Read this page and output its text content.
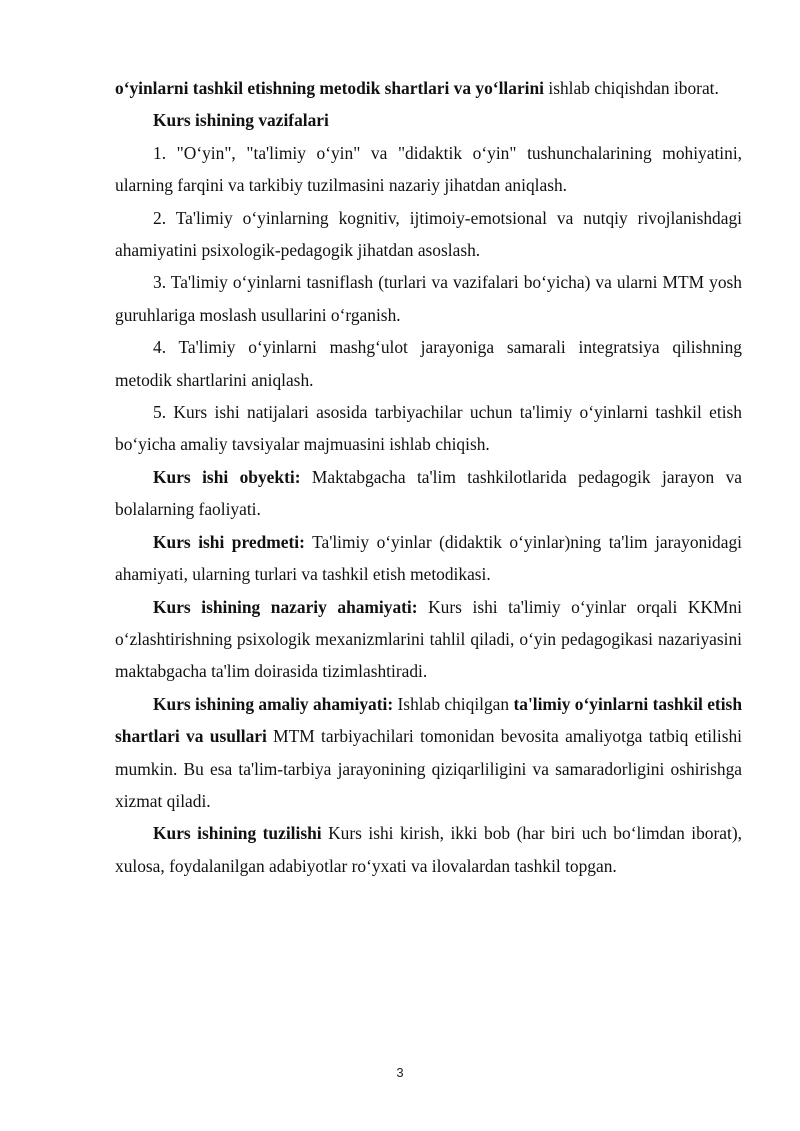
o‘yinlarni tashkil etishning metodik shartlari va yo‘llarini ishlab chiqishdan iborat.

Kurs ishining vazifalari

1. "O‘yin", "ta'limiy o‘yin" va "didaktik o‘yin" tushunchalarining mohiyatini, ularning farqini va tarkibiy tuzilmasini nazariy jihatdan aniqlash.

2. Ta'limiy o‘yinlarning kognitiv, ijtimoiy-emotsional va nutqiy rivojlanishdagi ahamiyatini psixologik-pedagogik jihatdan asoslash.

3. Ta'limiy o‘yinlarni tasniflash (turlari va vazifalari bo‘yicha) va ularni MTM yosh guruhlariga moslash usullarini o‘rganish.

4. Ta'limiy o‘yinlarni mashg‘ulot jarayoniga samarali integratsiya qilishning metodik shartlarini aniqlash.

5. Kurs ishi natijalari asosida tarbiyachilar uchun ta'limiy o‘yinlarni tashkil etish bo‘yicha amaliy tavsiyalar majmuasini ishlab chiqish.

Kurs ishi obyekti: Maktabgacha ta'lim tashkilotlarida pedagogik jarayon va bolalarning faoliyati.

Kurs ishi predmeti: Ta'limiy o‘yinlar (didaktik o‘yinlar)ning ta'lim jarayonidagi ahamiyati, ularning turlari va tashkil etish metodikasi.

Kurs ishining nazariy ahamiyati: Kurs ishi ta'limiy o‘yinlar orqali KKMni o‘zlashtirishning psixologik mexanizmlarini tahlil qiladi, o‘yin pedagogikasi nazariyasini maktabgacha ta'lim doirasida tizimlashtiradi.

Kurs ishining amaliy ahamiyati: Ishlab chiqilgan ta'limiy o‘yinlarni tashkil etish shartlari va usullari MTM tarbiyachilari tomonidan bevosita amaliyotga tatbiq etilishi mumkin. Bu esa ta'lim-tarbiya jarayonining qiziqarliligini va samaradorligini oshirishga xizmat qiladi.

Kurs ishining tuzilishi Kurs ishi kirish, ikki bob (har biri uch bo‘limdan iborat), xulosa, foydalanilgan adabiyotlar ro‘yxati va ilovalardan tashkil topgan.

3
